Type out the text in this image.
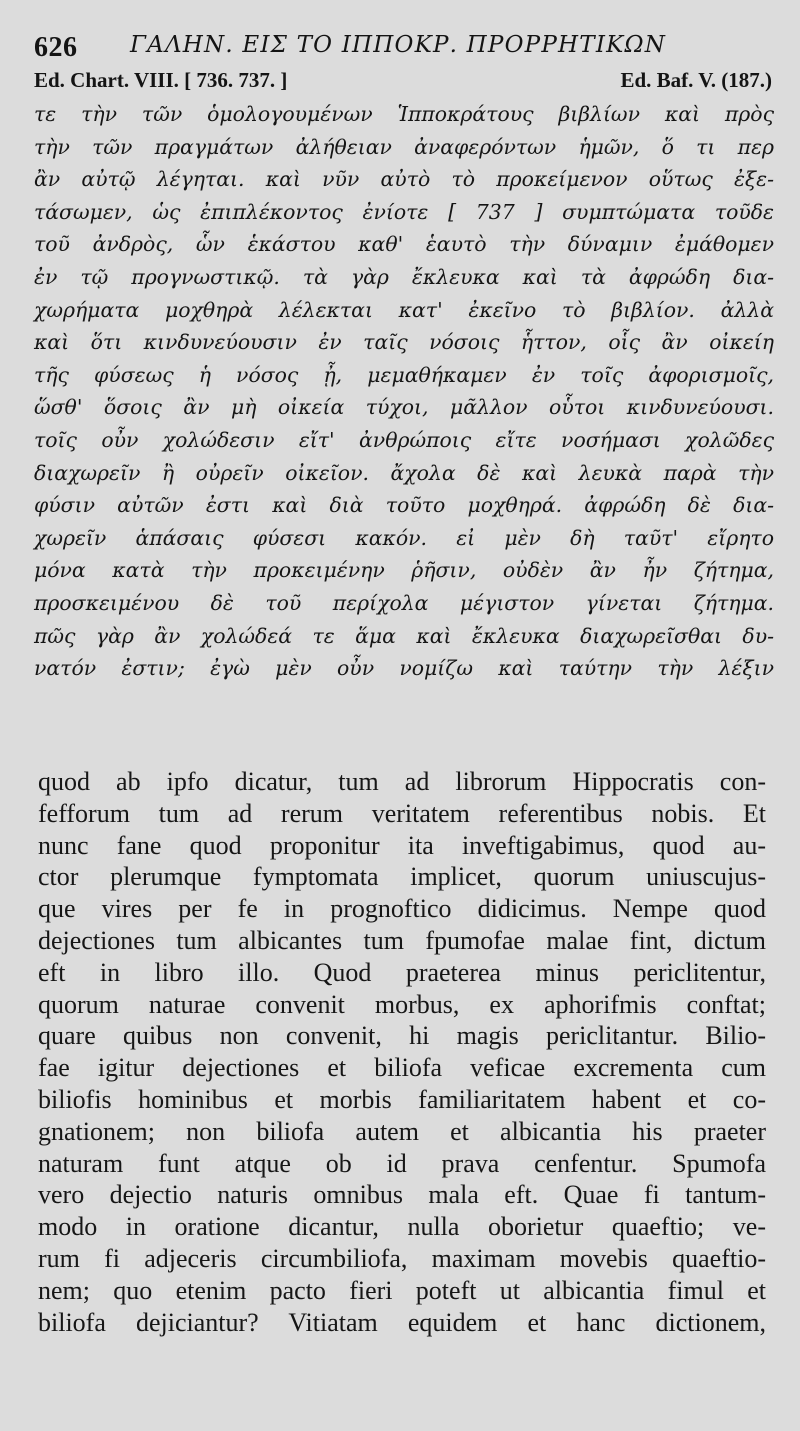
626 ΓΑΛΗΝ. ΕΙΣ ΤΟ ΙΠΠΟΚΡ. ΠΡΟΡΡΗΤΙΚΩΝ
Ed. Chart. VIII. [ 736. 737. ]	Ed. Baf. V. (187.)
τε τὴν τῶν ὁμολογουμένων Ἱπποκράτους βιβλίων καὶ πρὸς
τὴν τῶν πραγμάτων ἀλήθειαν ἀναφερόντων ἡμῶν, ὅ τι περ
ἂν αὐτῷ λέγηται. καὶ νῦν αὐτὸ τὸ προκείμενον οὕτως ἐξε-
τάσωμεν, ὡς ἐπιπλέκοντος ἐνίοτε [ 737 ] συμπτώματα τοῦδε
τοῦ ἀνδρὸς, ὧν ἑκάστου καθ' ἑαυτὸ τὴν δύναμιν ἐμάθομεν
ἐν τῷ προγνωστικῷ. τὰ γὰρ ἔκλευκα καὶ τὰ ἀφρώδη δια-
χωρήματα μοχθηρὰ λέλεκται κατ' ἐκεῖνο τὸ βιβλίον. ἀλλὰ
καὶ ὅτι κινδυνεύουσιν ἐν ταῖς νόσοις ἧττον, οἷς ἂν οἰκείη
τῆς φύσεως ἡ νόσος ᾖ, μεμαθήκαμεν ἐν τοῖς ἀφορισμοῖς,
ὥσθ' ὅσοις ἂν μὴ οἰκεία τύχοι, μᾶλλον οὗτοι κινδυνεύουσι.
τοῖς οὖν χολώδεσιν εἴτ' ἀνθρώποις εἴτε νοσήμασι χολῶδες
διαχωρεῖν ἢ οὐρεῖν οἰκεῖον. ἄχολα δὲ καὶ λευκὰ παρὰ τὴν
φύσιν αὐτῶν ἐστι καὶ διὰ τοῦτο μοχθηρά. ἀφρώδη δὲ δια-
χωρεῖν ἁπάσαις φύσεσι κακόν. εἰ μὲν δὴ ταῦτ' εἴρητο
μόνα κατὰ τὴν προκειμένην ῥῆσιν, οὐδὲν ἂν ἦν ζήτημα,
προσκειμένου δὲ τοῦ περίχολα μέγιστον γίνεται ζήτημα.
πῶς γὰρ ἂν χολώδεά τε ἅμα καὶ ἔκλευκα διαχωρεῖσθαι δυ-
νατόν ἐστιν; ἐγὼ μὲν οὖν νομίζω καὶ ταύτην τὴν λέξιν
quod ab ipfo dicatur, tum ad librorum Hippocratis con-
fefforum tum ad rerum veritatem referentibus nobis. Et
nunc fane quod proponitur ita inveftigabimus, quod au-
ctor plerumque fymptomata implicet, quorum uniuscujus-
que vires per fe in prognoftico didicimus. Nempe quod
dejectiones tum albicantes tum fpumofae malae fint, dictum
eft in libro illo. Quod praeterea minus periclitentur,
quorum naturae convenit morbus, ex aphorifmis conftat;
quare quibus non convenit, hi magis periclitantur. Bilio-
fae igitur dejectiones et biliofa veficae excrementa cum
biliofis hominibus et morbis familiaritatem habent et co-
gnationem; non biliofa autem et albicantia his praeter
naturam funt atque ob id prava cenfentur. Spumofa
vero dejectio naturis omnibus mala eft. Quae fi tantum-
modo in oratione dicantur, nulla oborietur quaeftio; ve-
rum fi adjeceris circumbiliofa, maximam movebis quaeftio-
nem; quo etenim pacto fieri poteft ut albicantia fimul et
biliofa dejiciantur? Vitiatam equidem et hanc dictionem,
